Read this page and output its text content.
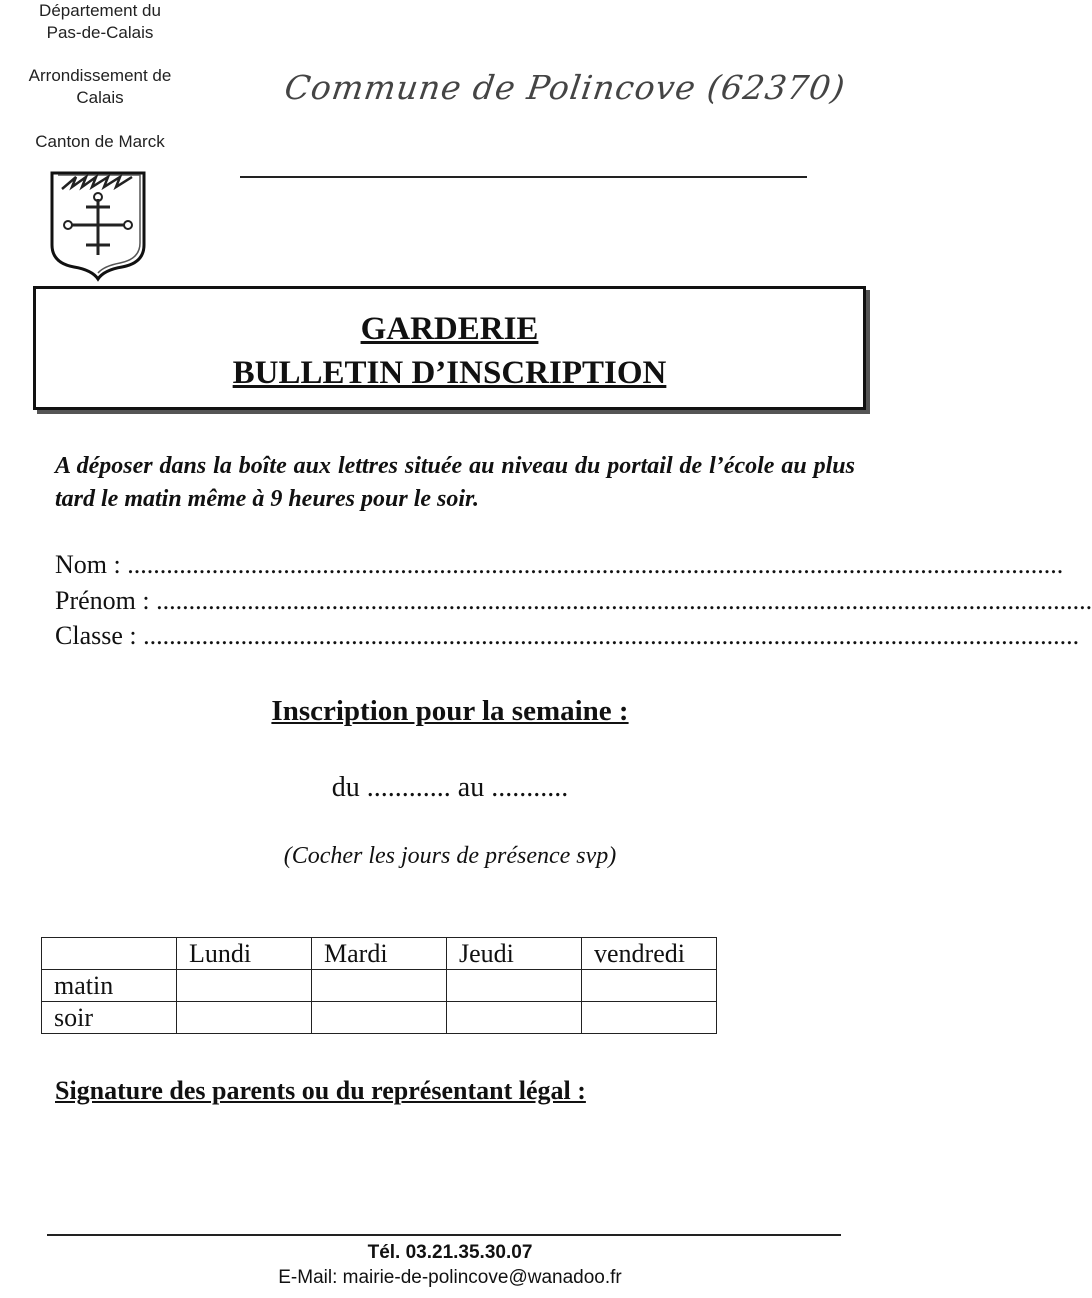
Département du
Pas-de-Calais
Arrondissement de
Calais
Canton de Marck
Commune de Polincove (62370)
GARDERIE
BULLETIN D’INSCRIPTION
A déposer dans la boîte aux lettres située au niveau du portail de l’école au plus tard le matin même à 9 heures pour le soir.
Nom : ................................................................................................................................................
Prénom : ................................................................................................................................................
Classe : ................................................................................................................................................
Inscription pour la semaine :
du ............ au ...........
(Cocher les jours de présence svp)
	Lundi	Mardi	Jeudi	vendredi
matin				
soir				
Signature des parents ou du représentant légal :
Tél. 03.21.35.30.07
E-Mail: mairie-de-polincove@wanadoo.fr
